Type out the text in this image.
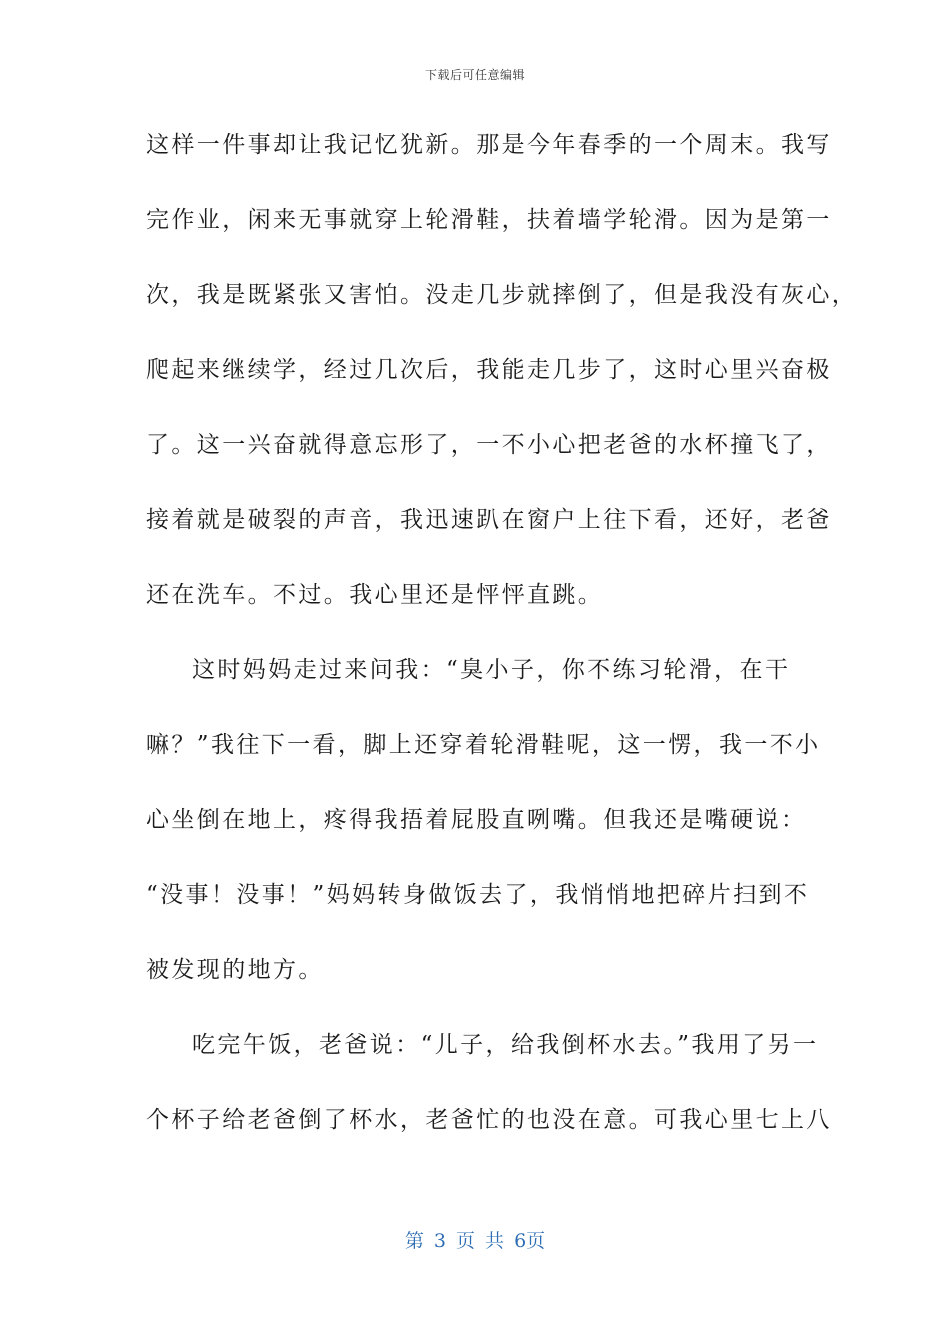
下载后可任意编辑
这样一件事却让我记忆犹新。那是今年春季的一个周末。我写
完作业，闲来无事就穿上轮滑鞋，扶着墙学轮滑。因为是第一
次，我是既紧张又害怕。没走几步就摔倒了，但是我没有灰心，
爬起来继续学，经过几次后，我能走几步了，这时心里兴奋极
了。这一兴奋就得意忘形了，一不小心把老爸的水杯撞飞了，
接着就是破裂的声音，我迅速趴在窗户上往下看，还好，老爸
还在洗车。不过。我心里还是怦怦直跳。
这时妈妈走过来问我：“臭小子，你不练习轮滑，在干
嘛？”我往下一看，脚上还穿着轮滑鞋呢，这一愣，我一不小
心坐倒在地上，疼得我捂着屁股直咧嘴。但我还是嘴硬说：
“没事！没事！”妈妈转身做饭去了，我悄悄地把碎片扫到不
被发现的地方。
吃完午饭，老爸说：“儿子，给我倒杯水去。”我用了另一
个杯子给老爸倒了杯水，老爸忙的也没在意。可我心里七上八
第 3 页 共 6页
